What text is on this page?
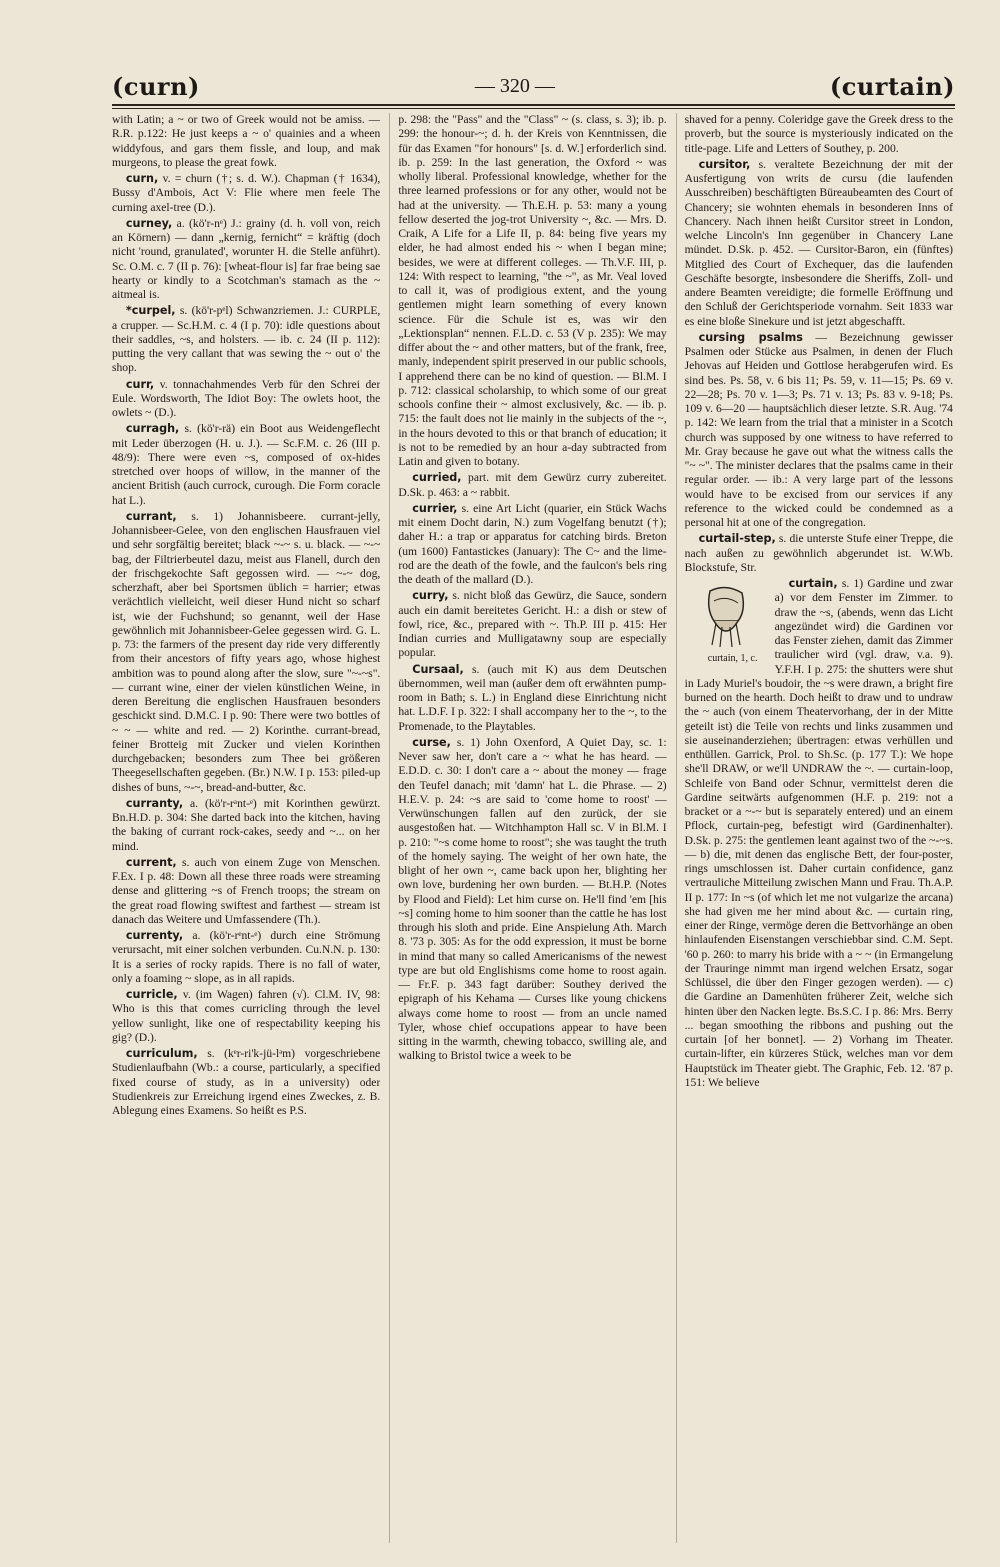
(curn)	— 320 —	(curtain)

with Latin; a ~ or two of Greek would not be amiss. — R.R. p.122: He just keeps a ~ o' quainies and a wheen widdyfous, and gars them fissle, and loup, and mak murgeons, to please the great fowk.

curn, v. = churn (†; s. d. W.). Chapman († 1634), Bussy d'Ambois, Act V: Flie where men feele The curning axel-tree (D.).

curney, a. (kö'r-nᵉ) J.: grainy (d. h. voll von, reich an Körnern) — dann „kernig, fernicht“ = kräftig (doch nicht 'round, granulated', worunter H. die Stelle anführt). Sc. O.M. c. 7 (II p. 76): [wheat-flour is] far frae being sae hearty or kindly to a Scotchman's stamach as the ~ aitmeal is.

*curpel, s. (kö'r-pᵉl) Schwanzriemen. J.: CURPLE, a crupper. — Sc.H.M. c. 4 (I p. 70): idle questions about their saddles, ~s, and holsters. — ib. c. 24 (II p. 112): putting the very callant that was sewing the ~ out o' the shop.

curr, v. tonnachahmendes Verb für den Schrei der Eule. Wordsworth, The Idiot Boy: The owlets hoot, the owlets ~ (D.).

curragh, s. (kö'r-rä) ein Boot aus Weidengeflecht mit Leder überzogen (H. u. J.). — Sc.F.M. c. 26 (III p. 48/9): There were even ~s, composed of ox-hides stretched over hoops of willow, in the manner of the ancient British (auch currock, curough. Die Form coracle hat L.).

currant, s. 1) Johannisbeere. currant-jelly, Johannisbeer-Gelee, von den englischen Hausfrauen viel und sehr sorgfältig bereitet; black ~-~ s. u. black. — ~-~ bag, der Filtrierbeutel dazu, meist aus Flanell, durch den der frischgekochte Saft gegossen wird. — ~-~ dog, scherzhaft, aber bei Sportsmen üblich = harrier; etwas verächtlich vielleicht, weil dieser Hund nicht so scharf ist, wie der Fuchshund; so genannt, weil der Hase gewöhnlich mit Johannisbeer-Gelee gegessen wird. G. L. p. 73: the farmers of the present day ride very differently from their ancestors of fifty years ago, whose highest ambition was to pound along after the slow, sure "~-~s". — currant wine, einer der vielen künstlichen Weine, in deren Bereitung die englischen Hausfrauen besonders geschickt sind. D.M.C. I p. 90: There were two bottles of ~ ~ — white and red. — 2) Korinthe. currant-bread, feiner Brotteig mit Zucker und vielen Korinthen durchgebacken; besonders zum Thee bei größeren Theegesellschaften gegeben. (Br.) N.W. I p. 153: piled-up dishes of buns, ~-~, bread-and-butter, &c.

curranty, a. (kö'r-rᵃnt-ᵉ) mit Korinthen gewürzt. Bn.H.D. p. 304: She darted back into the kitchen, having the baking of currant rock-cakes, seedy and ~... on her mind.

current, s. auch von einem Zuge von Menschen. F.Ex. I p. 48: Down all these three roads were streaming dense and glittering ~s of French troops; the stream on the great road flowing swiftest and farthest — stream ist danach das Weitere und Umfassendere (Th.).

currenty, a. (kö'r-rᵉnt-ᵉ) durch eine Strömung verursacht, mit einer solchen verbunden. Cu.N.N. p. 130: It is a series of rocky rapids. There is no fall of water, only a foaming ~ slope, as in all rapids.

curricle, v. (im Wagen) fahren (√). Cl.M. IV, 98: Who is this that comes curricling through the level yellow sunlight, like one of respectability keeping his gig? (D.).

curriculum, s. (kᵉr-ri'k-jü-lᵊm) vorgeschriebene Studienlaufbahn (Wb.: a course, particularly, a specified fixed course of study, as in a university) oder Studienkreis zur Erreichung irgend eines Zweckes, z. B. Ablegung eines Examens. So heißt es P.S.

p. 298: the "Pass" and the "Class" ~ (s. class, s. 3); ib. p. 299: the honour-~; d. h. der Kreis von Kenntnissen, die für das Examen "for honours" [s. d. W.] erforderlich sind. ib. p. 259: In the last generation, the Oxford ~ was wholly liberal. Professional knowledge, whether for the three learned professions or for any other, would not be had at the university. — Th.E.H. p. 53: many a young fellow deserted the jog-trot University ~, &c. — Mrs. D. Craik, A Life for a Life II, p. 84: being five years my elder, he had almost ended his ~ when I began mine; besides, we were at different colleges. — Th.V.F. III, p. 124: With respect to learning, "the ~", as Mr. Veal loved to call it, was of prodigious extent, and the young gentlemen might learn something of every known science. Für die Schule ist es, was wir den „Lektionsplan“ nennen. F.L.D. c. 53 (V p. 235): We may differ about the ~ and other matters, but of the frank, free, manly, independent spirit preserved in our public schools, I apprehend there can be no kind of question. — Bl.M. I p. 712: classical scholarship, to which some of our great schools confine their ~ almost exclusively, &c. — ib. p. 715: the fault does not lie mainly in the subjects of the ~, in the hours devoted to this or that branch of education; it is not to be remedied by an hour a-day subtracted from Latin and given to botany.

curried, part. mit dem Gewürz curry zubereitet. D.Sk. p. 463: a ~ rabbit.

currier, s. eine Art Licht (quarier, ein Stück Wachs mit einem Docht darin, N.) zum Vogelfang benutzt (†); daher H.: a trap or apparatus for catching birds. Breton (um 1600) Fantastickes (January): The C~ and the lime-rod are the death of the fowle, and the faulcon's bels ring the death of the mallard (D.).

curry, s. nicht bloß das Gewürz, die Sauce, sondern auch ein damit bereitetes Gericht. H.: a dish or stew of fowl, rice, &c., prepared with ~. Th.P. III p. 415: Her Indian curries and Mulligatawny soup are especially popular.

Cursaal, s. (auch mit K) aus dem Deutschen übernommen, weil man (außer dem oft erwähnten pump-room in Bath; s. L.) in England diese Einrichtung nicht hat. L.D.F. I p. 322: I shall accompany her to the ~, to the Promenade, to the Playtables.

curse, s. 1) John Oxenford, A Quiet Day, sc. 1: Never saw her, don't care a ~ what he has heard. — E.D.D. c. 30: I don't care a ~ about the money — frage den Teufel danach; mit 'damn' hat L. die Phrase. — 2) H.E.V. p. 24: ~s are said to 'come home to roost' — Verwünschungen fallen auf den zurück, der sie ausgestoßen hat. — Witchhampton Hall sc. V in Bl.M. I p. 210: "~s come home to roost"; she was taught the truth of the homely saying. The weight of her own hate, the blight of her own ~, came back upon her, blighting her own love, burdening her own burden. — Bt.H.P. (Notes by Flood and Field): Let him curse on. He'll find 'em [his ~s] coming home to him sooner than the cattle he has lost through his sloth and pride. Eine Anspielung Ath. March 8. '73 p. 305: As for the odd expression, it must be borne in mind that many so called Americanisms of the newest type are but old Englishisms come home to roost again. — Fr.F. p. 343 fagt darüber: Southey derived the epigraph of his Kehama — Curses like young chickens always come home to roost — from an uncle named Tyler, whose chief occupations appear to have been sitting in the warmth, chewing tobacco, swilling ale, and walking to Bristol twice a week to be

shaved for a penny. Coleridge gave the Greek dress to the proverb, but the source is mysteriously indicated on the title-page. Life and Letters of Southey, p. 200.

cursitor, s. veraltete Bezeichnung der mit der Ausfertigung von writs de cursu (die laufenden Ausschreiben) beschäftigten Büreaubeamten des Court of Chancery; sie wohnten ehemals in besonderen Inns of Chancery. Nach ihnen heißt Cursitor street in London, welche Lincoln's Inn gegenüber in Chancery Lane mündet. D.Sk. p. 452. — Cursitor-Baron, ein (fünftes) Mitglied des Court of Exchequer, das die laufenden Geschäfte besorgte, insbesondere die Sheriffs, Zoll- und andere Beamten vereidigte; die formelle Eröffnung und den Schluß der Gerichtsperiode vornahm. Seit 1833 war es eine bloße Sinekure und ist jetzt abgeschafft.

cursing psalms — Bezeichnung gewisser Psalmen oder Stücke aus Psalmen, in denen der Fluch Jehovas auf Heiden und Gottlose herabgerufen wird. Es sind bes. Ps. 58, v. 6 bis 11; Ps. 59, v. 11—15; Ps. 69 v. 22—28; Ps. 70 v. 1—3; Ps. 71 v. 13; Ps. 83 v. 9-18; Ps. 109 v. 6—20 — hauptsächlich dieser letzte. S.R. Aug. '74 p. 142: We learn from the trial that a minister in a Scotch church was supposed by one witness to have referred to Mr. Gray because he gave out what the witness calls the "~ ~". The minister declares that the psalms came in their regular order. — ib.: A very large part of the lessons would have to be excised from our services if any reference to the wicked could be condemned as a personal hit at one of the congregation.

curtail-step, s. die unterste Stufe einer Treppe, die nach außen zu gewöhnlich abgerundet ist. W.Wb. Blockstufe, Str.

curtain,
curtain, 1, c.
s. 1) Gardine und zwar a) vor dem Fenster im Zimmer. to draw the ~s, (abends, wenn das Licht angezündet wird) die Gardinen vor das Fenster ziehen, damit das Zimmer traulicher wird (vgl. draw, v.a. 9). Y.F.H. I p. 275: the shutters were shut in Lady Muriel's boudoir, the ~s were drawn, a bright fire burned on the hearth. Doch heißt to draw und to undraw the ~ auch (von einem Theatervorhang, der in der Mitte geteilt ist) die Teile von rechts und links zusammen und sie auseinanderziehen; übertragen: etwas verhüllen und enthüllen. Garrick, Prol. to Sh.Sc. (p. 177 T.): We hope she'll DRAW, or we'll UNDRAW the ~. — curtain-loop, Schleife von Band oder Schnur, vermittelst deren die Gardine seitwärts aufgenommen (H.F. p. 219: not a bracket or a ~-~ but is separately entered) und an einem Pflock, curtain-peg, befestigt wird (Gardinenhalter). D.Sk. p. 275: the gentlemen leant against two of the ~-~s. — b) die, mit denen das englische Bett, der four-poster, rings umschlossen ist. Daher curtain confidence, ganz vertrauliche Mitteilung zwischen Mann und Frau. Th.A.P. II p. 177: In ~s (of which let me not vulgarize the arcana) she had given me her mind about &c. — curtain ring, einer der Ringe, vermöge deren die Bettvorhänge an oben hinlaufenden Eisenstangen verschiebbar sind. C.M. Sept. '60 p. 260: to marry his bride with a ~ ~ (in Ermangelung der Trauringe nimmt man irgend welchen Ersatz, sogar Schlüssel, die über den Finger gezogen werden). — c) die Gardine an Damenhüten früherer Zeit, welche sich hinten über den Nacken legte. Bs.S.C. I p. 86: Mrs. Berry ... began smoothing the ribbons and pushing out the curtain [of her bonnet]. — 2) Vorhang im Theater. curtain-lifter, ein kürzeres Stück, welches man vor dem Hauptstück im Theater giebt. The Graphic, Feb. 12. '87 p. 151: We believe
